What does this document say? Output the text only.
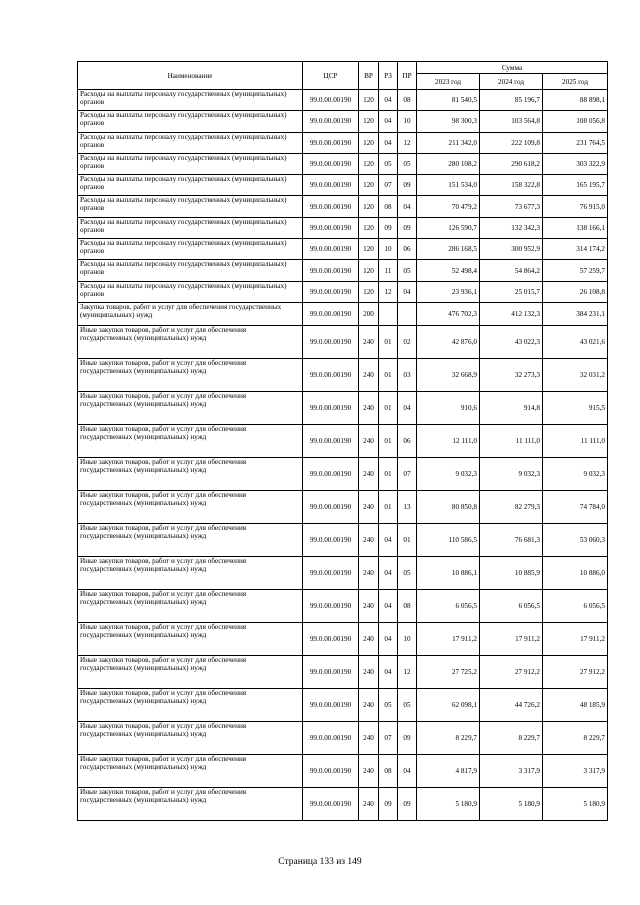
Наименование	ЦСР	ВР	РЗ	ПР	Сумма		
					2023 год	2024 год	2025 год
Расходы на выплаты персоналу государственных (муниципальных) органов	99.0.00.00190	120	04	08	81 540,5	85 196,7	88 898,1
Расходы на выплаты персоналу государственных (муниципальных) органов	99.0.00.00190	120	04	10	98 300,3	103 564,8	108 056,8
Расходы на выплаты персоналу государственных (муниципальных) органов	99.0.00.00190	120	04	12	211 342,0	222 109,8	231 764,5
Расходы на выплаты персоналу государственных (муниципальных) органов	99.0.00.00190	120	05	05	280 108,2	290 618,2	303 322,9
Расходы на выплаты персоналу государственных (муниципальных) органов	99.0.00.00190	120	07	09	151 534,0	158 322,8	165 195,7
Расходы на выплаты персоналу государственных (муниципальных) органов	99.0.00.00190	120	08	04	70 479,2	73 677,3	76 915,0
Расходы на выплаты персоналу государственных (муниципальных) органов	99.0.00.00190	120	09	09	126 590,7	132 342,3	138 166,1
Расходы на выплаты персоналу государственных (муниципальных) органов	99.0.00.00190	120	10	06	286 168,5	300 952,9	314 174,2
Расходы на выплаты персоналу государственных (муниципальных) органов	99.0.00.00190	120	11	05	52 498,4	54 864,2	57 259,7
Расходы на выплаты персоналу государственных (муниципальных) органов	99.0.00.00190	120	12	04	23 936,1	25 015,7	26 108,8
Закупка товаров, работ и услуг для обеспечения государственных (муниципальных) нужд	99.0.00.00190	200			476 702,3	412 132,3	384 231,1
Иные закупки товаров, работ и услуг для обеспечения государственных (муниципальных) нужд	99.0.00.00190	240	01	02	42 876,0	43 022,3	43 021,6
Иные закупки товаров, работ и услуг для обеспечения государственных (муниципальных) нужд	99.0.00.00190	240	01	03	32 668,9	32 273,3	32 031,2
Иные закупки товаров, работ и услуг для обеспечения государственных (муниципальных) нужд	99.0.00.00190	240	01	04	910,6	914,8	915,5
Иные закупки товаров, работ и услуг для обеспечения государственных (муниципальных) нужд	99.0.00.00190	240	01	06	12 111,0	11 111,0	11 111,0
Иные закупки товаров, работ и услуг для обеспечения государственных (муниципальных) нужд	99.0.00.00190	240	01	07	9 032,3	9 032,3	9 032,3
Иные закупки товаров, работ и услуг для обеспечения государственных (муниципальных) нужд	99.0.00.00190	240	01	13	80 850,8	82 279,3	74 784,0
Иные закупки товаров, работ и услуг для обеспечения государственных (муниципальных) нужд	99.0.00.00190	240	04	01	110 586,5	76 681,3	53 060,3
Иные закупки товаров, работ и услуг для обеспечения государственных (муниципальных) нужд	99.0.00.00190	240	04	05	10 886,1	10 885,9	10 886,0
Иные закупки товаров, работ и услуг для обеспечения государственных (муниципальных) нужд	99.0.00.00190	240	04	08	6 056,5	6 056,5	6 056,5
Иные закупки товаров, работ и услуг для обеспечения государственных (муниципальных) нужд	99.0.00.00190	240	04	10	17 911,2	17 911,2	17 911,2
Иные закупки товаров, работ и услуг для обеспечения государственных (муниципальных) нужд	99.0.00.00190	240	04	12	27 725,2	27 912,2	27 912,2
Иные закупки товаров, работ и услуг для обеспечения государственных (муниципальных) нужд	99.0.00.00190	240	05	05	62 098,1	44 726,2	48 185,9
Иные закупки товаров, работ и услуг для обеспечения государственных (муниципальных) нужд	99.0.00.00190	240	07	09	8 229,7	8 229,7	8 229,7
Иные закупки товаров, работ и услуг для обеспечения государственных (муниципальных) нужд	99.0.00.00190	240	08	04	4 817,9	3 317,9	3 317,9
Иные закупки товаров, работ и услуг для обеспечения государственных (муниципальных) нужд	99.0.00.00190	240	09	09	5 180,9	5 180,9	5 180,9
Страница 133 из 149
